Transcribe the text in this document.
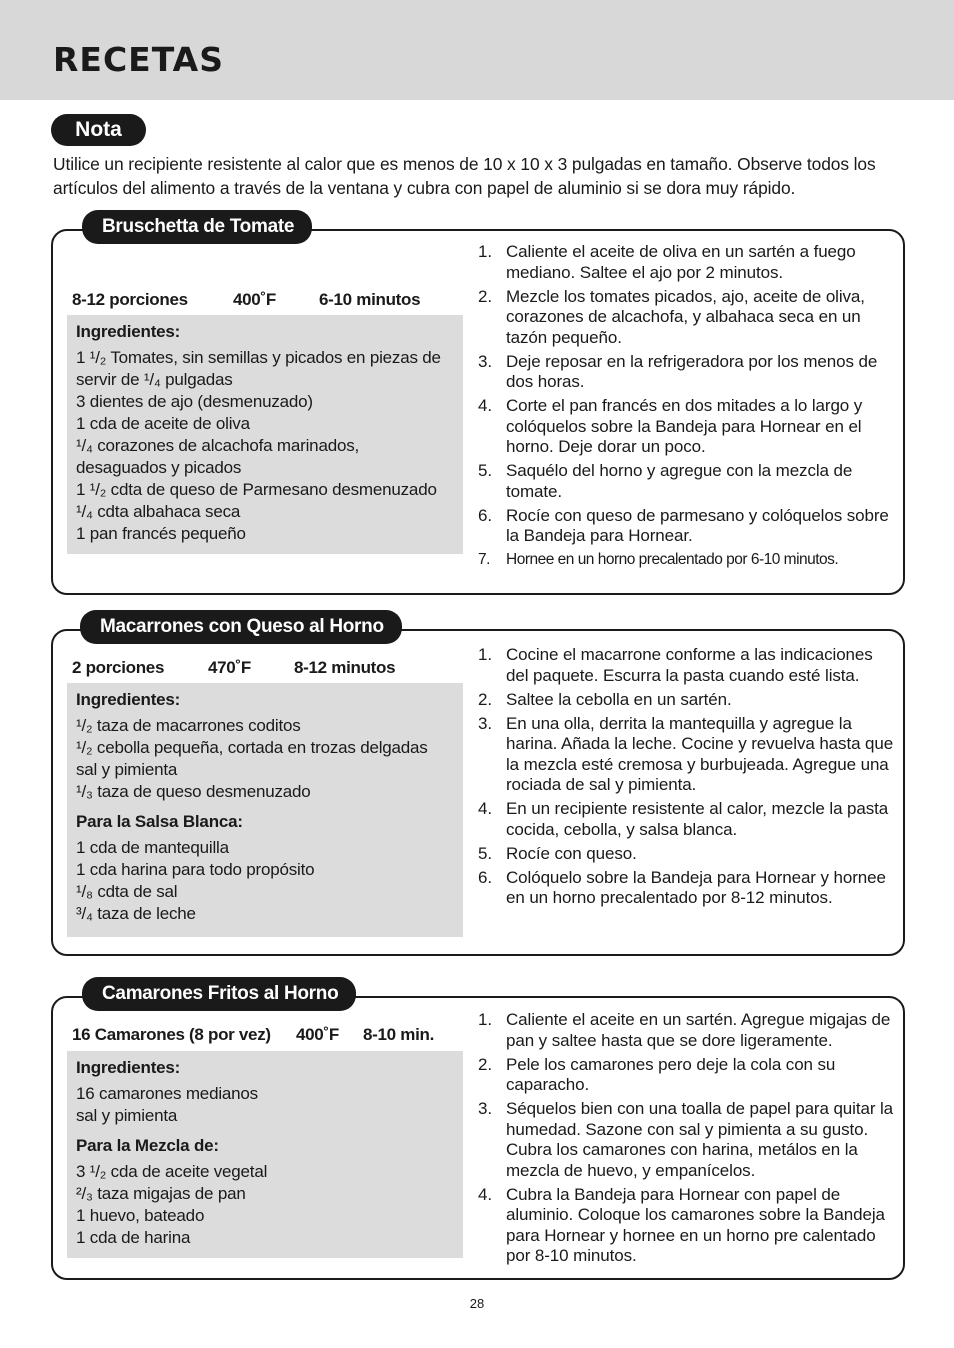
RECETAS
Nota

Utilice un recipiente resistente al calor que es menos de 10 x 10 x 3 pulgadas en tamaño. Observe todos los artículos del alimento a través de la ventana y cubra con papel de aluminio si se dora muy rápido.

Bruschetta de Tomate
8-12 porciones	400˚F	6-10 minutos
Ingredientes:
1 ¹/₂ Tomates, sin semillas y picados en piezas de servir de ¹/₄ pulgadas
3 dientes de ajo (desmenuzado)
1 cda de aceite de oliva
¹/₄ corazones de alcachofa marinados, desaguados y picados
1 ¹/₂ cdta de queso de Parmesano desmenuzado
¹/₄ cdta albahaca seca
1 pan francés pequeño
1. Caliente el aceite de oliva en un sartén a fuego mediano. Saltee el ajo por 2 minutos.
2. Mezcle los tomates picados, ajo, aceite de oliva, corazones de alcachofa, y albahaca seca en un tazón pequeño.
3. Deje reposar en la refrigeradora por los menos de dos horas.
4. Corte el pan francés en dos mitades a lo largo y colóquelos sobre la Bandeja para Hornear en el horno. Deje dorar un poco.
5. Saquélo del horno y agregue con la mezcla de tomate.
6. Rocíe con queso de parmesano y colóquelos sobre la Bandeja para Hornear.
7. Hornee en un horno precalentado por 6-10 minutos.
Macarrones con Queso al Horno
2 porciones	470˚F	8-12 minutos
Ingredientes:
¹/₂ taza de macarrones coditos
¹/₂ cebolla pequeña, cortada en trozas delgadas
sal y pimienta
¹/₃ taza de queso desmenuzado
Para la Salsa Blanca:
1 cda de mantequilla
1 cda harina para todo propósito
¹/₈ cdta de sal
³/₄ taza de leche
1. Cocine el macarrone conforme a las indicaciones del paquete. Escurra la pasta cuando esté lista.
2. Saltee la cebolla en un sartén.
3. En una olla, derrita la mantequilla y agregue la harina. Añada la leche. Cocine y revuelva hasta que la mezcla esté cremosa y burbujeada. Agregue una rociada de sal y pimienta.
4. En un recipiente resistente al calor, mezcle la pasta cocida, cebolla, y salsa blanca.
5. Rocíe con queso.
6. Colóquelo sobre la Bandeja para Hornear y hornee en un horno precalentado por 8-12 minutos.
Camarones Fritos al Horno
16 Camarones (8 por vez) 400˚F 8-10 min.
Ingredientes:
16 camarones medianos
sal y pimienta
Para la Mezcla de:
3 ¹/₂ cda de aceite vegetal
²/₃ taza migajas de pan
1 huevo, bateado
1 cda de harina
1. Caliente el aceite en un sartén. Agregue migajas de pan y saltee hasta que se dore ligeramente.
2. Pele los camarones pero deje la cola con su caparacho.
3. Séquelos bien con una toalla de papel para quitar la humedad. Sazone con sal y pimienta a su gusto. Cubra los camarones con harina, metálos en la mezcla de huevo, y empanícelos.
4. Cubra la Bandeja para Hornear con papel de aluminio. Coloque los camarones sobre la Bandeja para Hornear y hornee en un horno pre calentado por 8-10 minutos.
28
